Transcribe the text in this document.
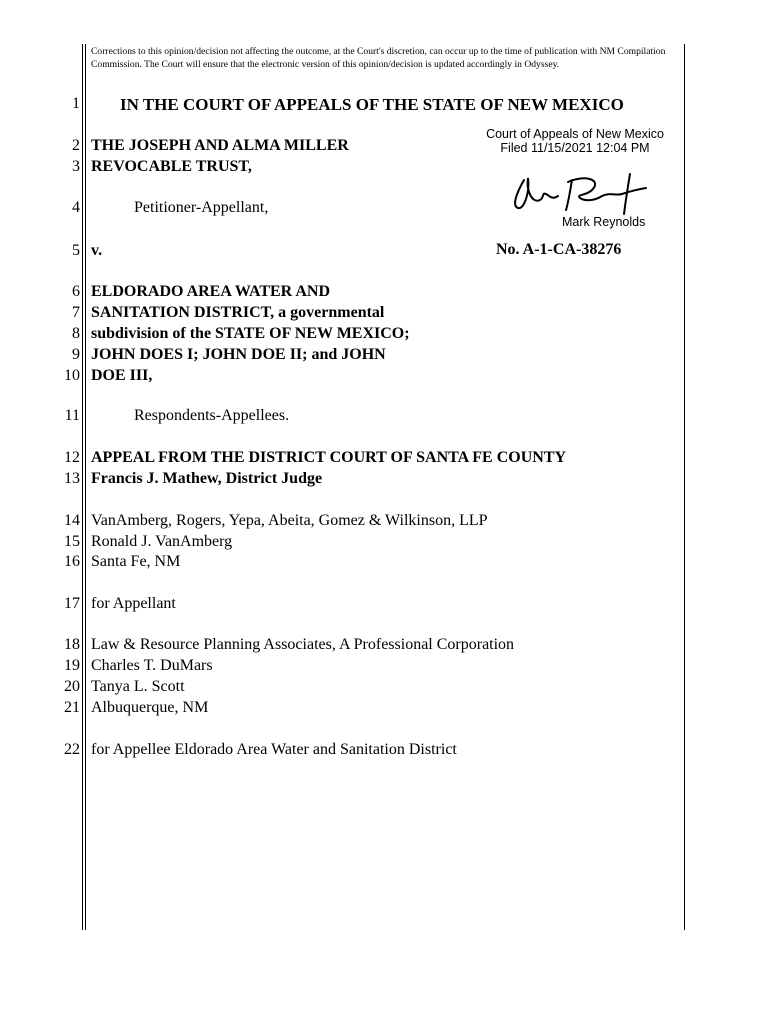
Corrections to this opinion/decision not affecting the outcome, at the Court's discretion, can occur up to the time of publication with NM Compilation Commission. The Court will ensure that the electronic version of this opinion/decision is updated accordingly in Odyssey.
1
2
3
4
5
6
7
8
9
10
11
12
13
14
15
16
17
18
19
20
21
22
IN THE COURT OF APPEALS OF THE STATE OF NEW MEXICO
Court of Appeals of New Mexico
Filed 11/15/2021 12:04 PM
Mark Reynolds
THE JOSEPH AND ALMA MILLER
REVOCABLE TRUST,
Petitioner-Appellant,
v.	No. A-1-CA-38276
ELDORADO AREA WATER AND
SANITATION DISTRICT, a governmental
subdivision of the STATE OF NEW MEXICO;
JOHN DOES I; JOHN DOE II; and JOHN
DOE III,
Respondents-Appellees.
APPEAL FROM THE DISTRICT COURT OF SANTA FE COUNTY
Francis J. Mathew, District Judge
VanAmberg, Rogers, Yepa, Abeita, Gomez & Wilkinson, LLP
Ronald J. VanAmberg
Santa Fe, NM
for Appellant
Law & Resource Planning Associates, A Professional Corporation
Charles T. DuMars
Tanya L. Scott
Albuquerque, NM
for Appellee Eldorado Area Water and Sanitation District
